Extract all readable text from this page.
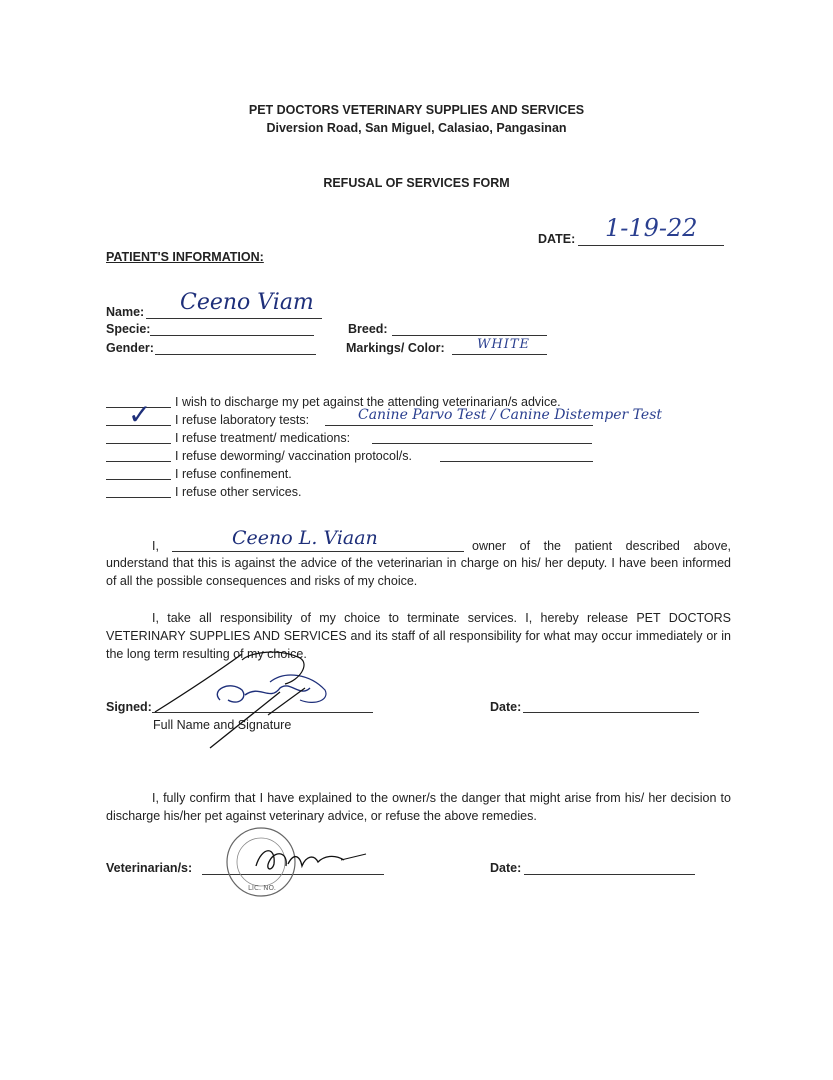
PET DOCTORS VETERINARY SUPPLIES AND SERVICES
Diversion Road, San Miguel, Calasiao, Pangasinan
REFUSAL OF SERVICES FORM
DATE: 1-19-22
PATIENT'S INFORMATION:
Name: Ceeno Viam
Specie:	Breed:
Gender:	Markings/ Color: WHITE
I wish to discharge my pet against the attending veterinarian/s advice.
✓ I refuse laboratory tests:	Canine Parvo Test / Canine Distemper Test
I refuse treatment/ medications:
I refuse deworming/ vaccination protocol/s.
I refuse confinement.
I refuse other services.
I,	Ceeno L. Viaan	owner of the patient described above,
understand that this is against the advice of the veterinarian in charge on his/ her deputy. I have been informed of all the possible consequences and risks of my choice.
I, take all responsibility of my choice to terminate services. I, hereby release PET DOCTORS VETERINARY SUPPLIES AND SERVICES and its staff of all responsibility for what may occur immediately or in the long term resulting of my choice.
Signed:
Full Name and Signature
Date:
I, fully confirm that I have explained to the owner/s the danger that might arise from his/ her decision to discharge his/her pet against veterinary advice, or refuse the above remedies.
Veterinarian/s:	Date:
LIC. NO.
